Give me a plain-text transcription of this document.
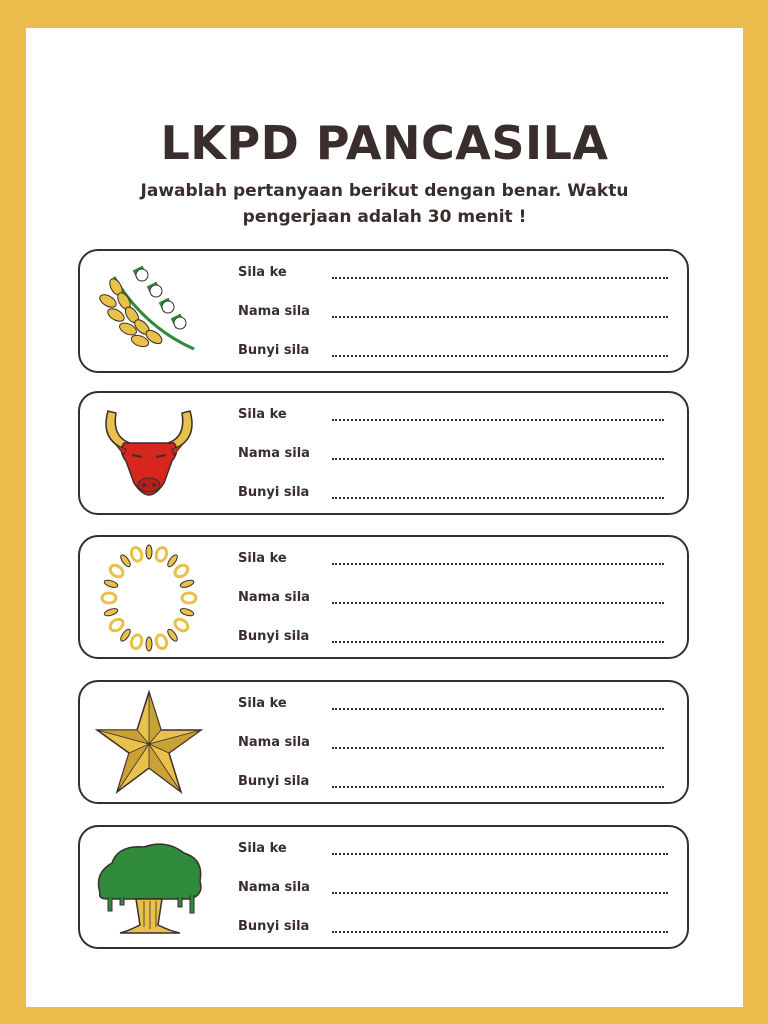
LKPD PANCASILA

Jawablah pertanyaan berikut dengan benar. Waktu pengerjaan adalah 30 menit !

Sila ke
Nama sila
Bunyi sila
Sila ke
Nama sila
Bunyi sila
Sila ke
Nama sila
Bunyi sila
Sila ke
Nama sila
Bunyi sila
Sila ke
Nama sila
Bunyi sila
